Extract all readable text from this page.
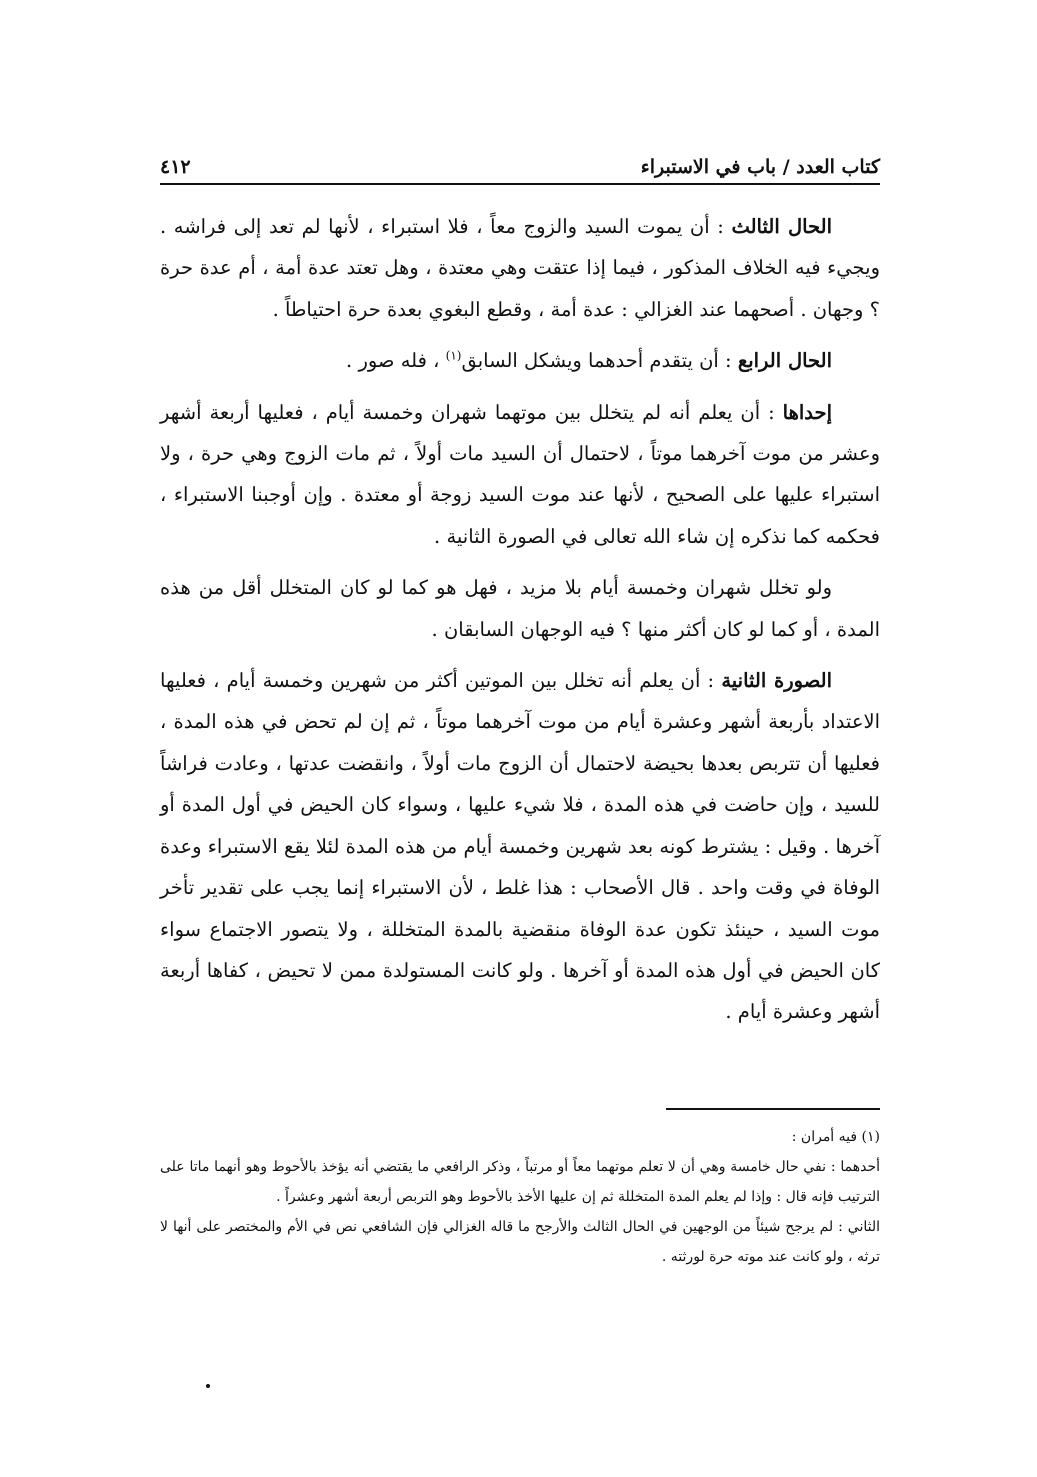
كتاب العدد / باب في الاستبراء
٤١٢

الحال الثالث : أن يموت السيد والزوج معاً ، فلا استبراء ، لأنها لم تعد إلى فراشه . ويجيء فيه الخلاف المذكور ، فيما إذا عتقت وهي معتدة ، وهل تعتد عدة أمة ، أم عدة حرة ؟ وجهان . أصحهما عند الغزالي : عدة أمة ، وقطع البغوي بعدة حرة احتياطاً .

الحال الرابع : أن يتقدم أحدهما ويشكل السابق$^{(١)}$ ، فله صور .

إحداها : أن يعلم أنه لم يتخلل بين موتهما شهران وخمسة أيام ، فعليها أربعة أشهر وعشر من موت آخرهما موتاً ، لاحتمال أن السيد مات أولاً ، ثم مات الزوج وهي حرة ، ولا استبراء عليها على الصحيح ، لأنها عند موت السيد زوجة أو معتدة . وإن أوجبنا الاستبراء ، فحكمه كما نذكره إن شاء الله تعالى في الصورة الثانية .

ولو تخلل شهران وخمسة أيام بلا مزيد ، فهل هو كما لو كان المتخلل أقل من هذه المدة ، أو كما لو كان أكثر منها ؟ فيه الوجهان السابقان .

الصورة الثانية : أن يعلم أنه تخلل بين الموتين أكثر من شهرين وخمسة أيام ، فعليها الاعتداد بأربعة أشهر وعشرة أيام من موت آخرهما موتاً ، ثم إن لم تحض في هذه المدة ، فعليها أن تتربص بعدها بحيضة لاحتمال أن الزوج مات أولاً ، وانقضت عدتها ، وعادت فراشاً للسيد ، وإن حاضت في هذه المدة ، فلا شيء عليها ، وسواء كان الحيض في أول المدة أو آخرها . وقيل : يشترط كونه بعد شهرين وخمسة أيام من هذه المدة لئلا يقع الاستبراء وعدة الوفاة في وقت واحد . قال الأصحاب : هذا غلط ، لأن الاستبراء إنما يجب على تقدير تأخر موت السيد ، حينئذ تكون عدة الوفاة منقضية بالمدة المتخللة ، ولا يتصور الاجتماع سواء كان الحيض في أول هذه المدة أو آخرها . ولو كانت المستولدة ممن لا تحيض ، كفاها أربعة أشهر وعشرة أيام .

(١) فيه أمران :

أحدهما : نفي حال خامسة وهي أن لا تعلم موتهما معاً أو مرتباً ، وذكر الرافعي ما يقتضي أنه يؤخذ بالأحوط وهو أنهما ماتا على الترتيب فإنه قال : وإذا لم يعلم المدة المتخللة ثم إن عليها الأخذ بالأحوط وهو التربص أربعة أشهر وعشراً .

الثاني : لم يرجح شيئاً من الوجهين في الحال الثالث والأرجح ما قاله الغزالي فإن الشافعي نص في الأم والمختصر على أنها لا ترثه ، ولو كانت عند موته حرة لورثته .
